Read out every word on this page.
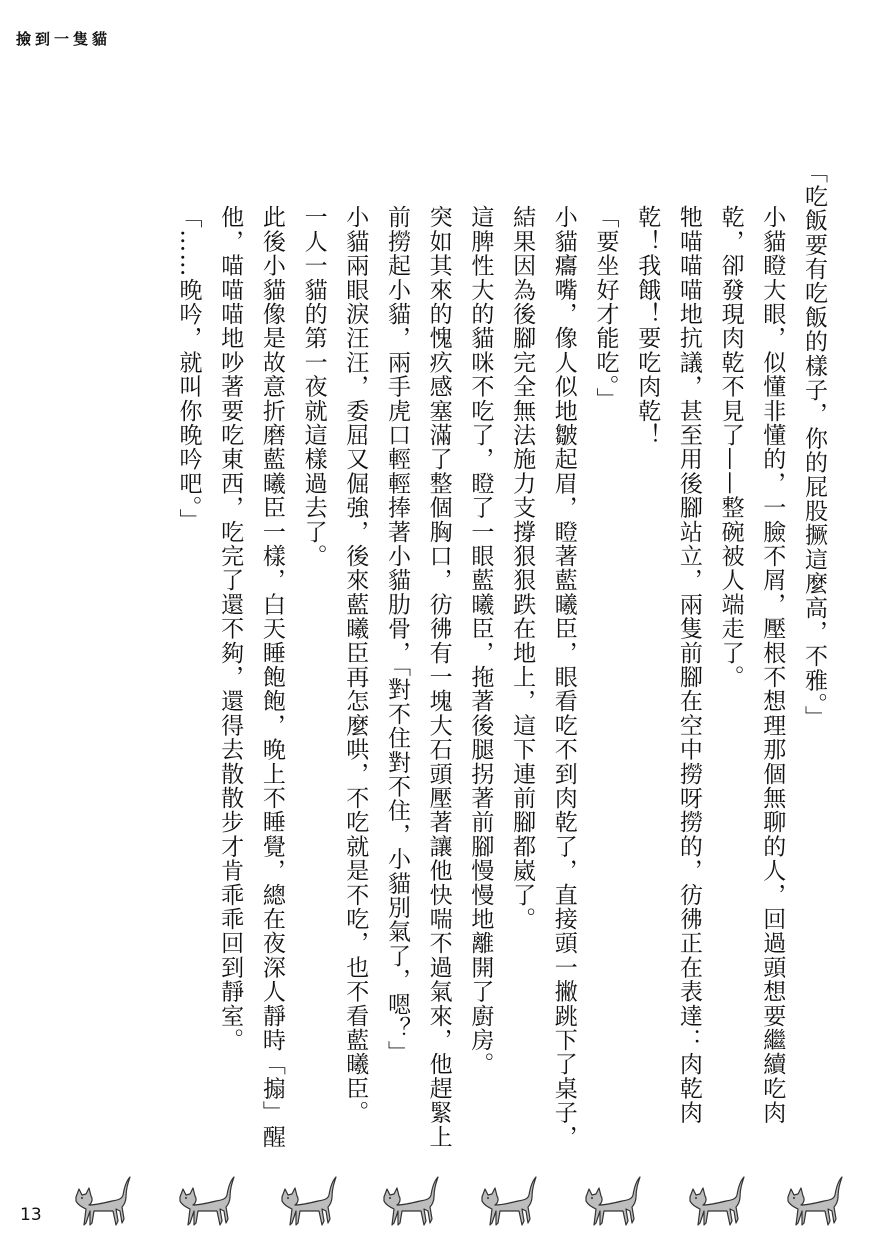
撿到一隻貓

「吃飯要有吃飯的樣子，你的屁股撅這麼高，不雅。」

小貓瞪大眼，似懂非懂的，一臉不屑，壓根不想理那個無聊的人，回過頭想要繼續吃肉乾，卻發現肉乾不見了——整碗被人端走了。

牠喵喵喵地抗議，甚至用後腳站立，兩隻前腳在空中撈呀撈的，彷彿正在表達：肉乾肉乾！我餓！要吃肉乾！

「要坐好才能吃。」

小貓癟嘴，像人似地皺起眉，瞪著藍曦臣，眼看吃不到肉乾了，直接頭一撇跳下了桌子，結果因為後腳完全無法施力支撐狠狠跌在地上，這下連前腳都崴了。

這脾性大的貓咪不吃了，瞪了一眼藍曦臣，拖著後腿拐著前腳慢慢地離開了廚房。

突如其來的愧疚感塞滿了整個胸口，彷彿有一塊大石頭壓著讓他快喘不過氣來，他趕緊上前撈起小貓，兩手虎口輕輕捧著小貓肋骨，「對不住對不住，小貓別氣了，嗯？」

小貓兩眼淚汪汪，委屈又倔強，後來藍曦臣再怎麼哄，不吃就是不吃，也不看藍曦臣。

一人一貓的第一夜就這樣過去了。

此後小貓像是故意折磨藍曦臣一樣，白天睡飽飽，晚上不睡覺，總在夜深人靜時「搧」醒他，喵喵喵地吵著要吃東西，吃完了還不夠，還得去散散步才肯乖乖回到靜室。

「……晚吟，就叫你晚吟吧。」

13
